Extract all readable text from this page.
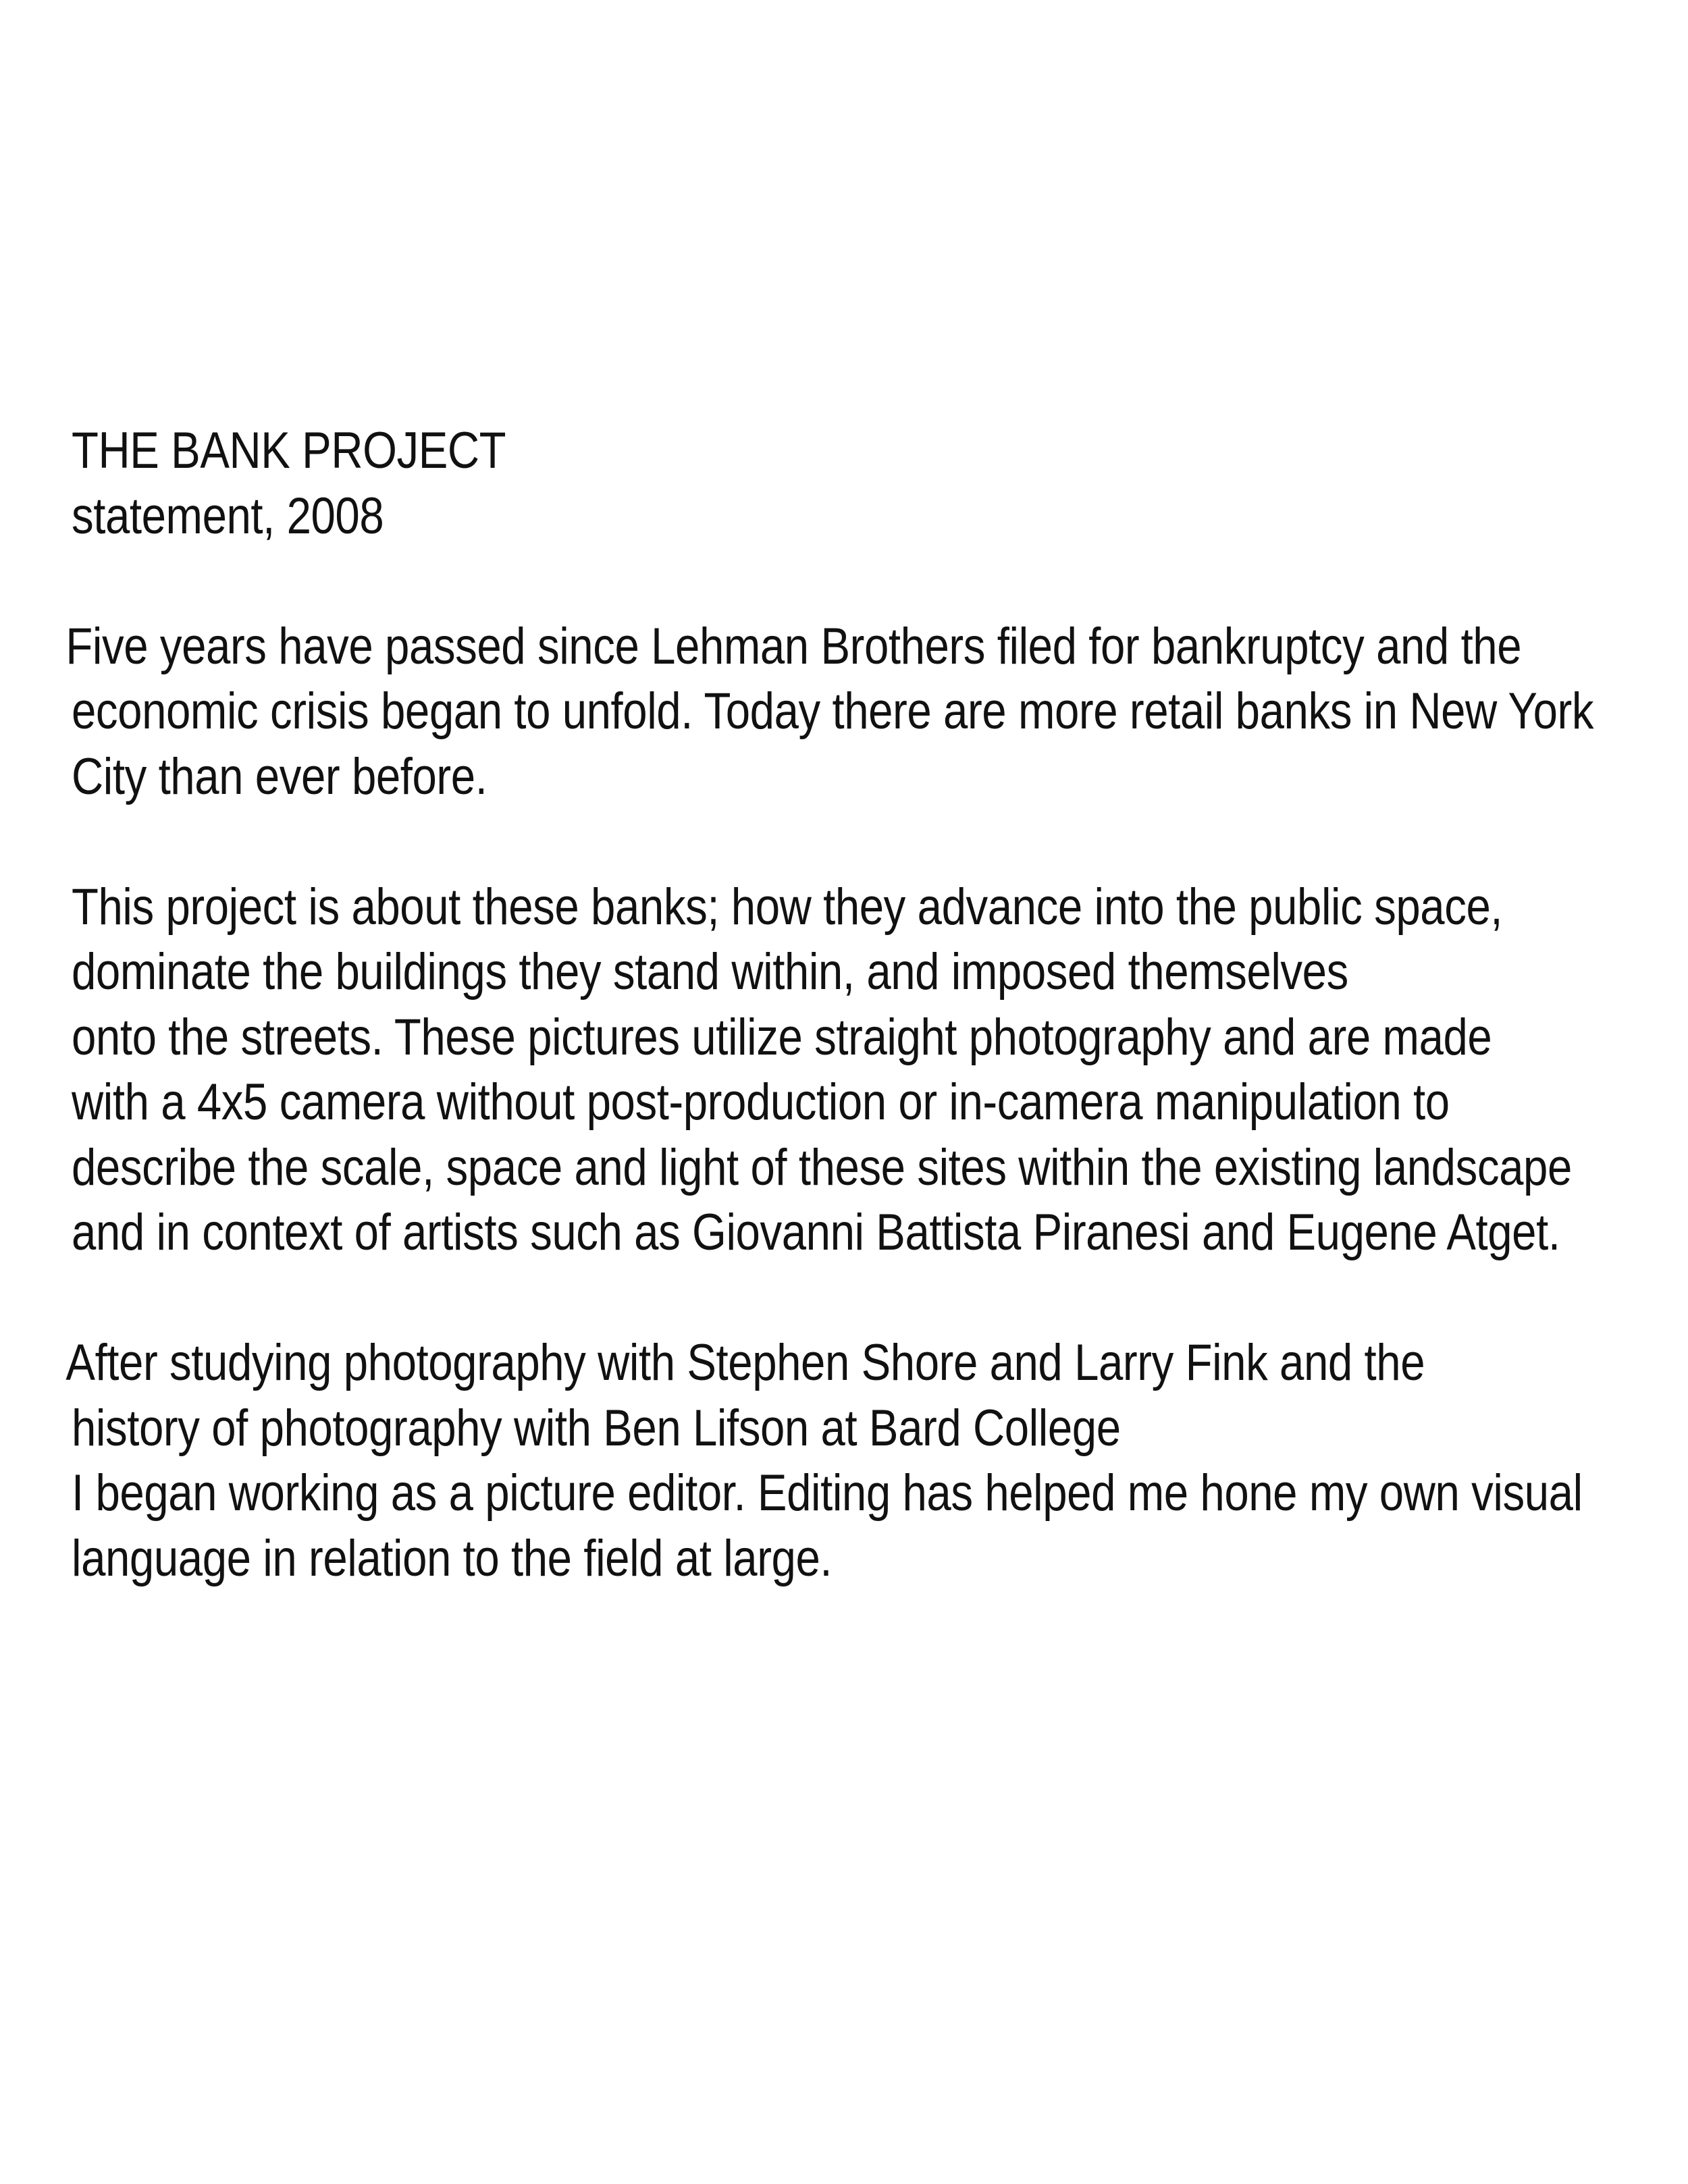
THE BANK PROJECT
statement, 2008
Five years have passed since Lehman Brothers filed for bankruptcy and the
economic crisis began to unfold. Today there are more retail banks in New York
City than ever before.
This project is about these banks; how they advance into the public space,
dominate the buildings they stand within, and imposed themselves
onto the streets. These pictures utilize straight photography and are made
with a 4x5 camera without post-production or in-camera manipulation to
describe the scale, space and light of these sites within the existing landscape
and in context of artists such as Giovanni Battista Piranesi and Eugene Atget.
After studying photography with Stephen Shore and Larry Fink and the
history of photography with Ben Lifson at Bard College
I began working as a picture editor. Editing has helped me hone my own visual
language in relation to the field at large.
